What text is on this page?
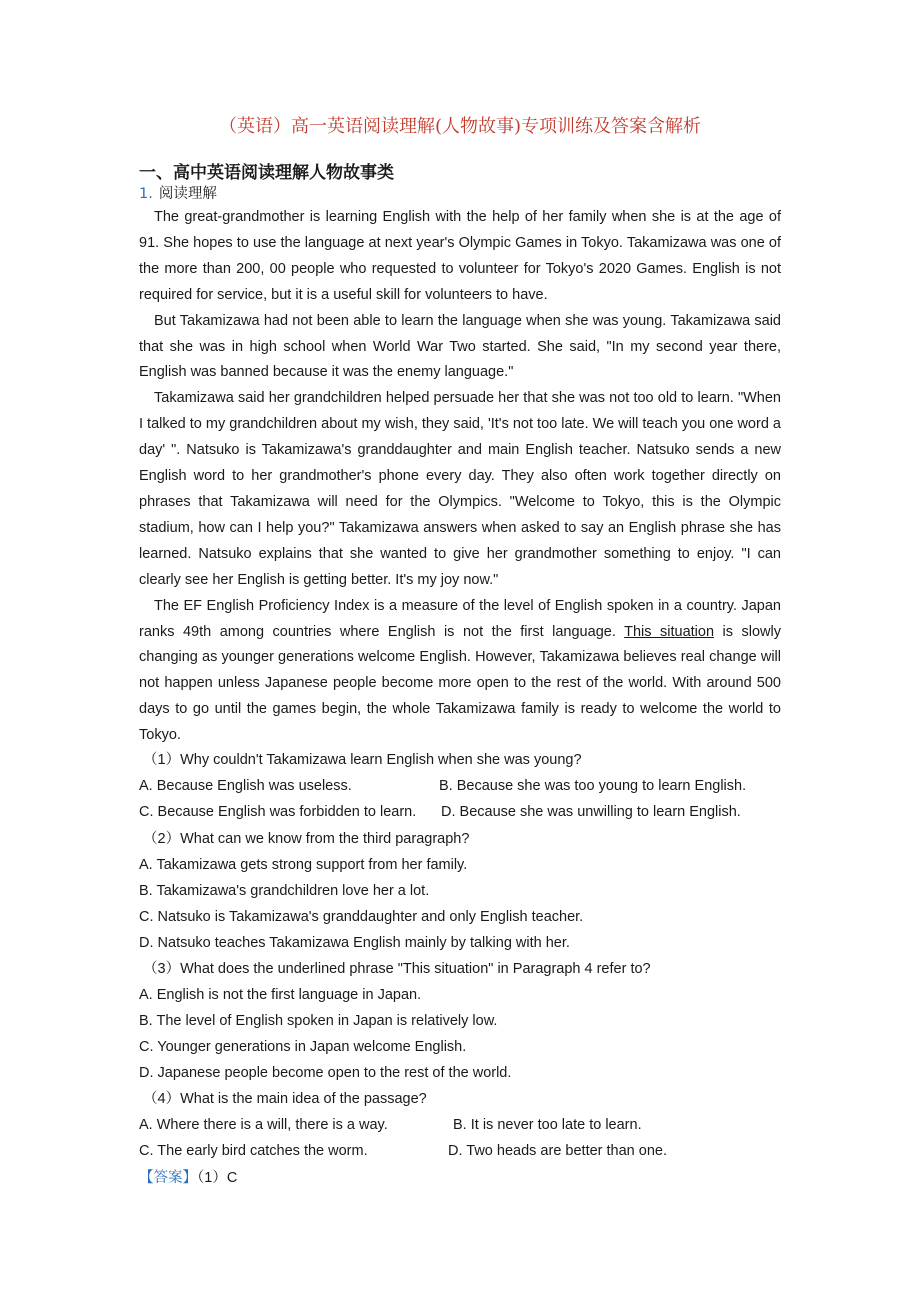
（英语）高一英语阅读理解(人物故事)专项训练及答案含解析
一、高中英语阅读理解人物故事类
1. 阅读理解

The great-grandmother is learning English with the help of her family when she is at the age of 91. She hopes to use the language at next year's Olympic Games in Tokyo. Takamizawa was one of the more than 200, 00 people who requested to volunteer for Tokyo's 2020 Games. English is not required for service, but it is a useful skill for volunteers to have.

But Takamizawa had not been able to learn the language when she was young. Takamizawa said that she was in high school when World War Two started. She said, "In my second year there, English was banned because it was the enemy language."

Takamizawa said her grandchildren helped persuade her that she was not too old to learn. "When I talked to my grandchildren about my wish, they said, 'It's not too late. We will teach you one word a day' ". Natsuko is Takamizawa's granddaughter and main English teacher. Natsuko sends a new English word to her grandmother's phone every day. They also often work together directly on phrases that Takamizawa will need for the Olympics. "Welcome to Tokyo, this is the Olympic stadium, how can I help you?" Takamizawa answers when asked to say an English phrase she has learned. Natsuko explains that she wanted to give her grandmother something to enjoy. "I can clearly see her English is getting better. It's my joy now."

The EF English Proficiency Index is a measure of the level of English spoken in a country. Japan ranks 49th among countries where English is not the first language. This situation is slowly changing as younger generations welcome English. However, Takamizawa believes real change will not happen unless Japanese people become more open to the rest of the world. With around 500 days to go until the games begin, the whole Takamizawa family is ready to welcome the world to Tokyo.

（1）Why couldn't Takamizawa learn English when she was young?
A. Because English was useless.	B. Because she was too young to learn English.
C. Because English was forbidden to learn.	D. Because she was unwilling to learn English.
（2）What can we know from the third paragraph?
A. Takamizawa gets strong support from her family.
B. Takamizawa's grandchildren love her a lot.
C. Natsuko is Takamizawa's granddaughter and only English teacher.
D. Natsuko teaches Takamizawa English mainly by talking with her.
（3）What does the underlined phrase "This situation" in Paragraph 4 refer to?
A. English is not the first language in Japan.
B. The level of English spoken in Japan is relatively low.
C. Younger generations in Japan welcome English.
D. Japanese people become open to the rest of the world.
（4）What is the main idea of the passage?
A. Where there is a will, there is a way.	B. It is never too late to learn.
C. The early bird catches the worm.	D. Two heads are better than one.
【答案】（1）C
